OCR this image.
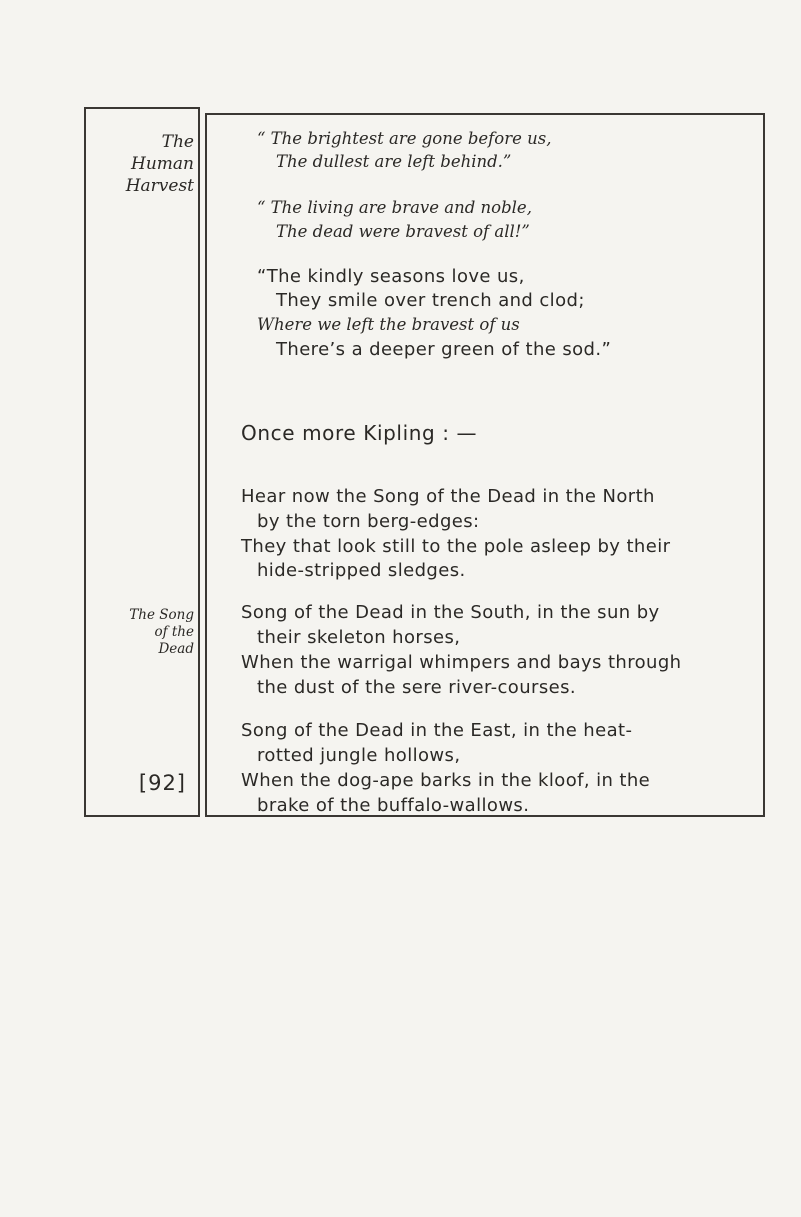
The
Human
Harvest
The Song
of the
Dead
[92]
“ The brightest are gone before us,
The dullest are left behind.”
“ The living are brave and noble,
The dead were bravest of all!”
“The kindly seasons love us,
They smile over trench and clod;
Where we left the bravest of us
There’s a deeper green of the sod.”
Once more Kipling : —
Hear now the Song of the Dead in the North
by the torn berg-edges:
They that look still to the pole asleep by their
hide-stripped sledges.
Song of the Dead in the South, in the sun by
their skeleton horses,
When the warrigal whimpers and bays through
the dust of the sere river-courses.
Song of the Dead in the East, in the heat-
rotted jungle hollows,
When the dog-ape barks in the kloof, in the
brake of the buffalo-wallows.
